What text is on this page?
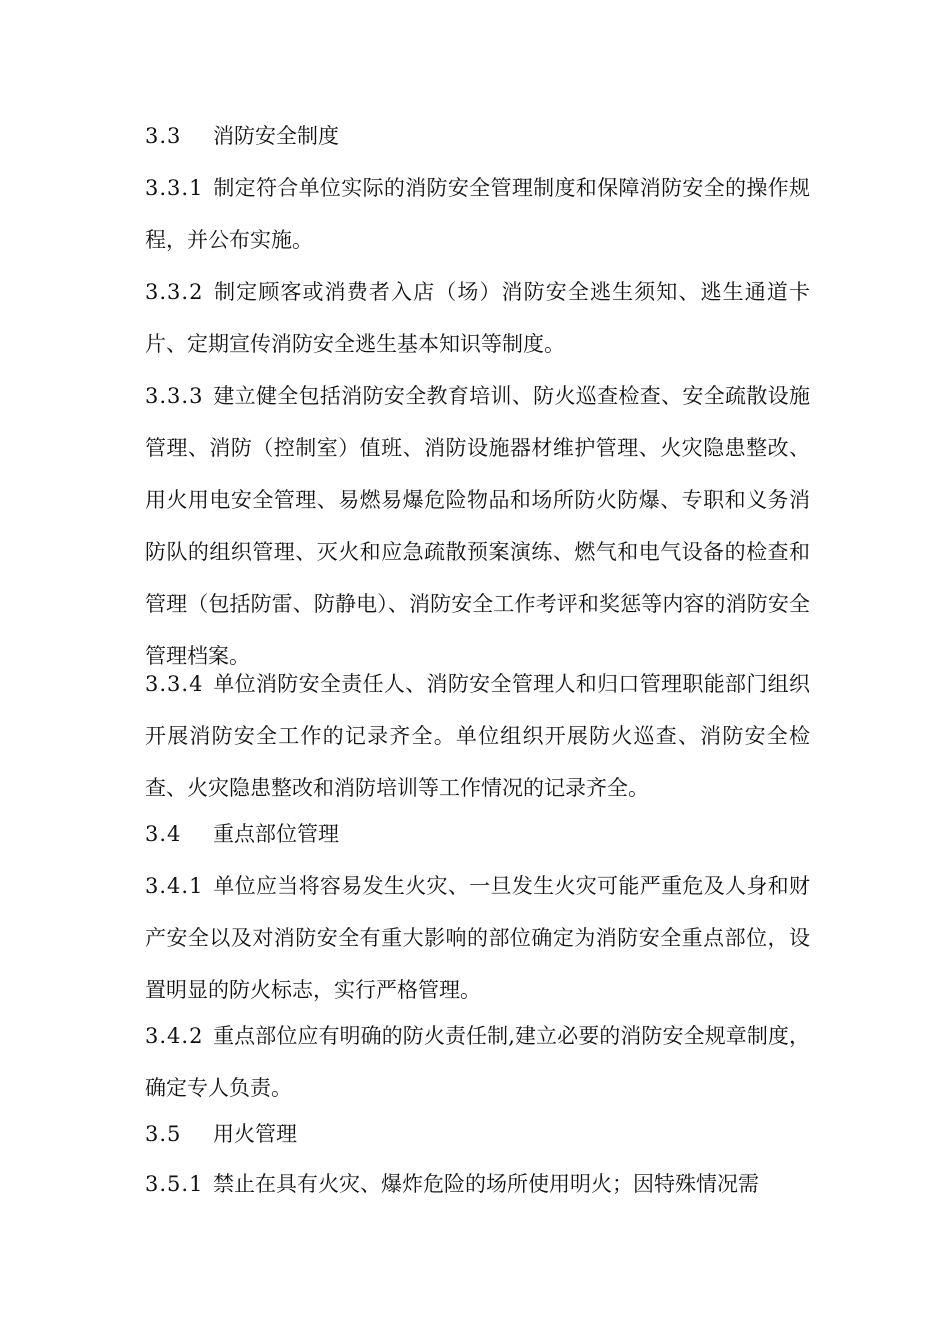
3.3 消防安全制度

3.3.1 制定符合单位实际的消防安全管理制度和保障消防安全的操作规程，并公布实施。

3.3.2 制定顾客或消费者入店（场）消防安全逃生须知、逃生通道卡片、定期宣传消防安全逃生基本知识等制度。

3.3.3 建立健全包括消防安全教育培训、防火巡查检查、安全疏散设施管理、消防（控制室）值班、消防设施器材维护管理、火灾隐患整改、用火用电安全管理、易燃易爆危险物品和场所防火防爆、专职和义务消防队的组织管理、灭火和应急疏散预案演练、燃气和电气设备的检查和管理（包括防雷、防静电）、消防安全工作考评和奖惩等内容的消防安全管理档案。

3.3.4 单位消防安全责任人、消防安全管理人和归口管理职能部门组织开展消防安全工作的记录齐全。单位组织开展防火巡查、消防安全检查、火灾隐患整改和消防培训等工作情况的记录齐全。

3.4 重点部位管理

3.4.1 单位应当将容易发生火灾、一旦发生火灾可能严重危及人身和财产安全以及对消防安全有重大影响的部位确定为消防安全重点部位，设置明显的防火标志，实行严格管理。

3.4.2 重点部位应有明确的防火责任制,建立必要的消防安全规章制度，确定专人负责。

3.5 用火管理

3.5.1 禁止在具有火灾、爆炸危险的场所使用明火；因特殊情况需
